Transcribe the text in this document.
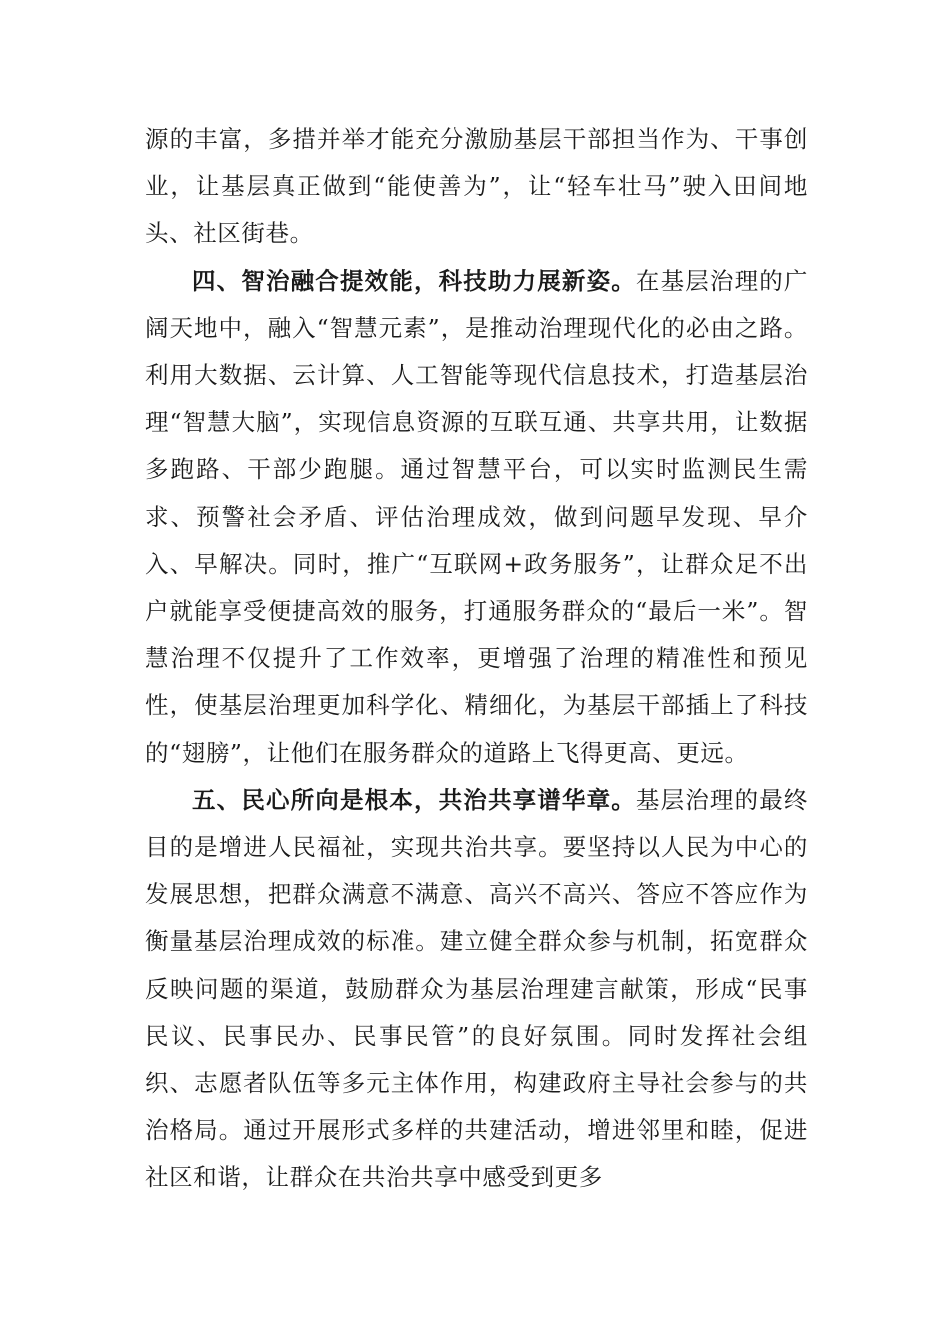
源的丰富，多措并举才能充分激励基层干部担当作为、干事创业，让基层真正做到“能使善为”，让“轻车壮马”驶入田间地头、社区街巷。

四、智治融合提效能，科技助力展新姿。在基层治理的广阔天地中，融入“智慧元素”，是推动治理现代化的必由之路。利用大数据、云计算、人工智能等现代信息技术，打造基层治理“智慧大脑”，实现信息资源的互联互通、共享共用，让数据多跑路、干部少跑腿。通过智慧平台，可以实时监测民生需求、预警社会矛盾、评估治理成效，做到问题早发现、早介入、早解决。同时，推广“互联网+政务服务”，让群众足不出户就能享受便捷高效的服务，打通服务群众的“最后一米”。智慧治理不仅提升了工作效率，更增强了治理的精准性和预见性，使基层治理更加科学化、精细化，为基层干部插上了科技的“翅膀”，让他们在服务群众的道路上飞得更高、更远。

五、民心所向是根本，共治共享谱华章。基层治理的最终目的是增进人民福祉，实现共治共享。要坚持以人民为中心的发展思想，把群众满意不满意、高兴不高兴、答应不答应作为衡量基层治理成效的标准。建立健全群众参与机制，拓宽群众反映问题的渠道，鼓励群众为基层治理建言献策，形成“民事民议、民事民办、民事民管”的良好氛围。同时发挥社会组织、志愿者队伍等多元主体作用，构建政府主导社会参与的共治格局。通过开展形式多样的共建活动，增进邻里和睦，促进社区和谐，让群众在共治共享中感受到更多
